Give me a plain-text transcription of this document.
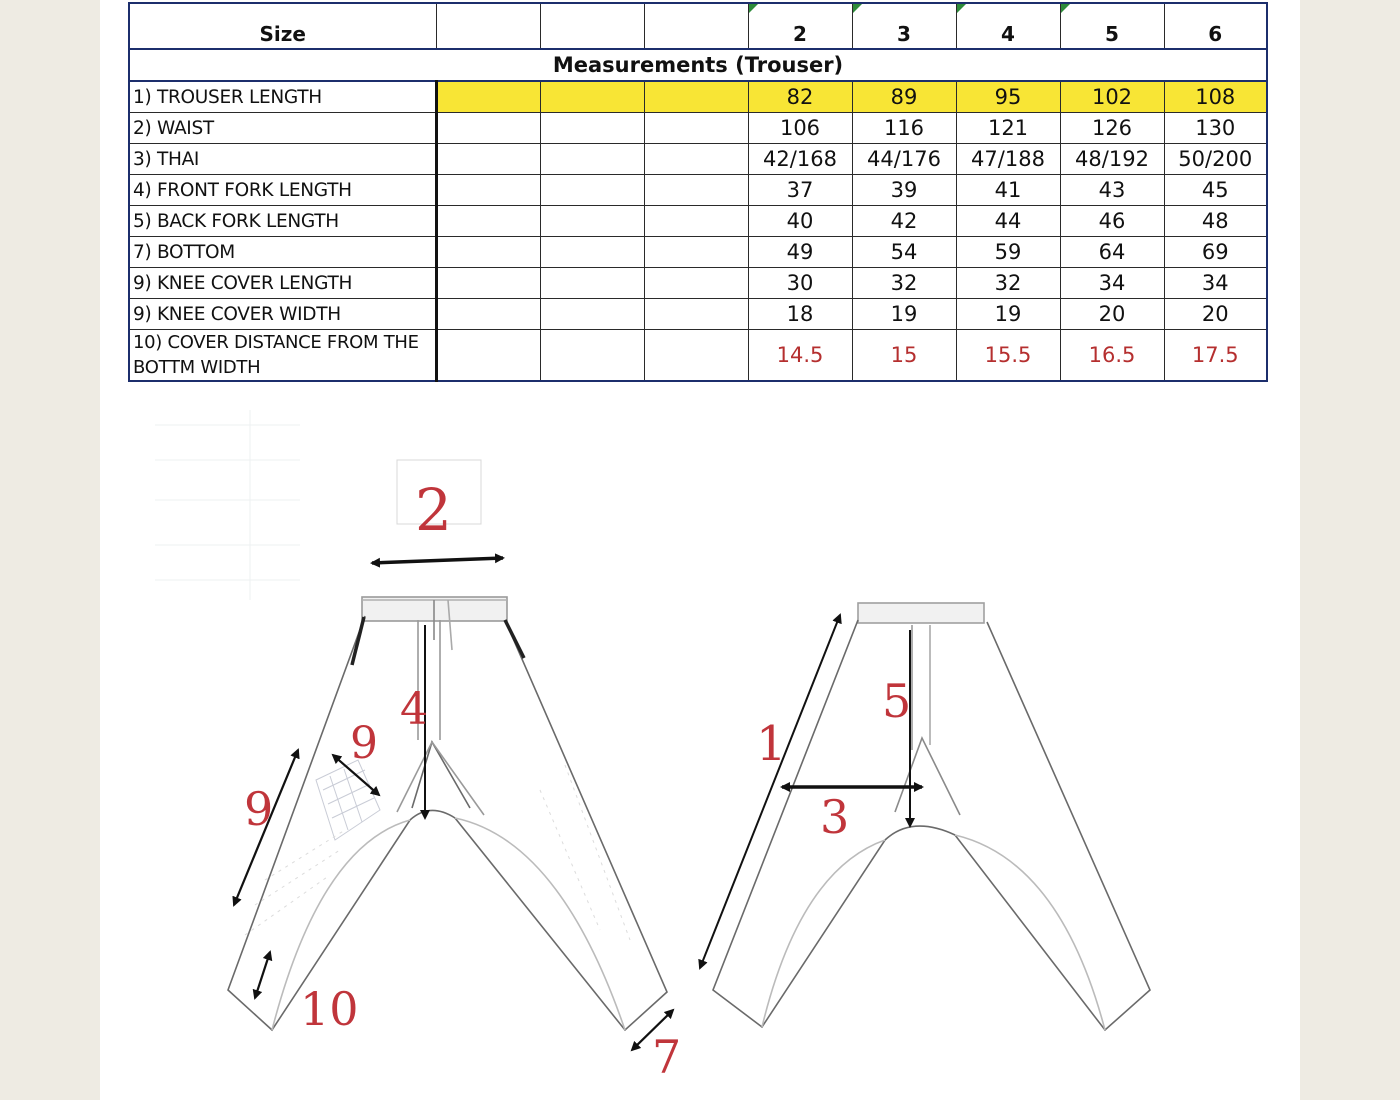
Size				2	3	4	5	6
Measurements (Trouser)								
1) TROUSER LENGTH				82	89	95	102	108
2) WAIST				106	116	121	126	130
3) THAI				42/168	44/176	47/188	48/192	50/200
4) FRONT FORK LENGTH				37	39	41	43	45
5) BACK FORK LENGTH				40	42	44	46	48
7) BOTTOM				49	54	59	64	69
9) KNEE COVER LENGTH				30	32	32	34	34
9) KNEE COVER WIDTH				18	19	19	20	20
10) COVER DISTANCE FROM THE BOTTM WIDTH				14.5	15	15.5	16.5	17.5
2
4
9
9
10
7
1
5
3
